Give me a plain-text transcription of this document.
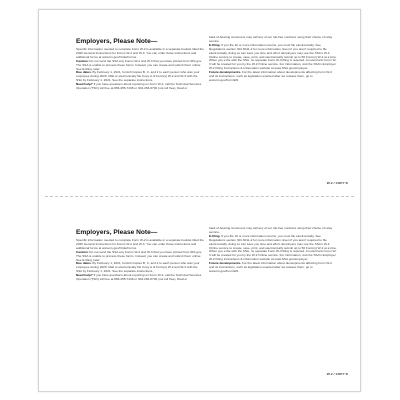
Employers, Please Note—

Specific information needed to complete Form W-2 is available in a separate booklet titled the 2020 General Instructions for Forms W-2 and W-3. You can order those instructions and additional forms at www.irs.gov/OrderForms.

Caution: Do not send the SSA any Forms W-2 and W-3 that you have printed from IRS.gov. The SSA is unable to process these forms. Instead, you can create and submit them online. See E-filing, later.

Due dates. By February 1, 2021, furnish Copies B, C, and 2 to each person who was your employee during 2020. Mail or electronically file Copy A of Form(s) W-2 and W-3 with the SSA by February 1, 2021. See the separate instructions.

Need help? If you have questions about reporting on Form W-2, call the Technical Services Operation (TSO) toll free at 866-455-7438 or 304-263-8700 (not toll free). Deaf or

hard-of-hearing customers may call any of our toll-free numbers using their choice of relay service.

E-filing. If you file 10 or more information returns, you must file electronically. See Regulations section 301.6011-2 for more information. Even if you aren't required to file electronically, doing so can save you time and effort. Employers may use the SSA's W-2 Online service to create, save, print, and electronically submit up to 50 Form(s) W-2 at a time. When you e-file with the SSA, no separate Form W-3 filing is required. An electronic Form W-3 will be created for you by the W-2 Online service. For information, visit the SSA's Employer W-2 Filing Instructions & Information website at www.SSA.gov/employer.

Future developments. For the latest information about developments affecting Form W-2 and its instructions, such as legislation enacted after we release them, go to www.irs.gov/FormW2.

W-2 / COPY D
Employers, Please Note—

Specific information needed to complete Form W-2 is available in a separate booklet titled the 2020 General Instructions for Forms W-2 and W-3. You can order those instructions and additional forms at www.irs.gov/OrderForms.

Caution: Do not send the SSA any Forms W-2 and W-3 that you have printed from IRS.gov. The SSA is unable to process these forms. Instead, you can create and submit them online. See E-filing, later.

Due dates. By February 1, 2021, furnish Copies B, C, and 2 to each person who was your employee during 2020. Mail or electronically file Copy A of Form(s) W-2 and W-3 with the SSA by February 1, 2021. See the separate instructions.

Need help? If you have questions about reporting on Form W-2, call the Technical Services Operation (TSO) toll free at 866-455-7438 or 304-263-8700 (not toll free). Deaf or

hard-of-hearing customers may call any of our toll-free numbers using their choice of relay service.

E-filing. If you file 10 or more information returns, you must file electronically. See Regulations section 301.6011-2 for more information. Even if you aren't required to file electronically, doing so can save you time and effort. Employers may use the SSA's W-2 Online service to create, save, print, and electronically submit up to 50 Form(s) W-2 at a time. When you e-file with the SSA, no separate Form W-3 filing is required. An electronic Form W-3 will be created for you by the W-2 Online service. For information, visit the SSA's Employer W-2 Filing Instructions & Information website at www.SSA.gov/employer.

Future developments. For the latest information about developments affecting Form W-2 and its instructions, such as legislation enacted after we release them, go to www.irs.gov/FormW2.

W-2 / COPY D
